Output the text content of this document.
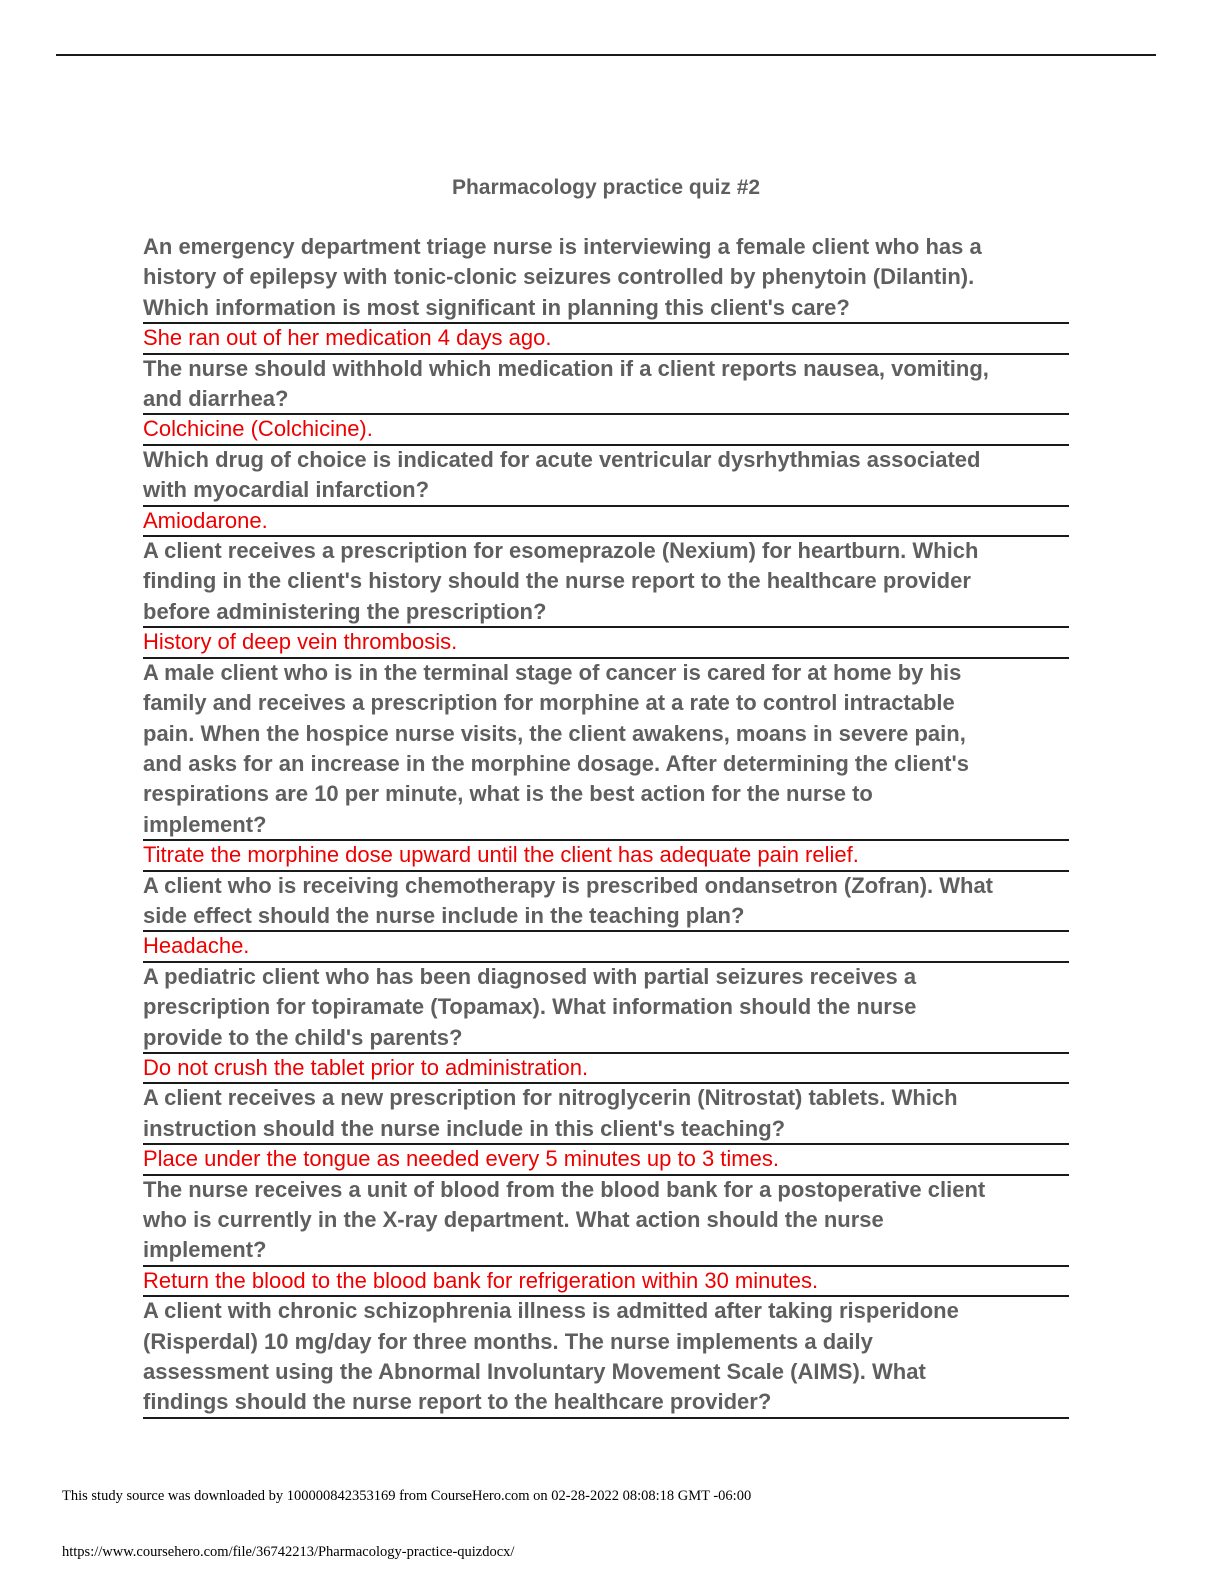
Pharmacology practice quiz #2
An emergency department triage nurse is interviewing a female client who has a
history of epilepsy with tonic-clonic seizures controlled by phenytoin (Dilantin).
Which information is most significant in planning this client's care?
She ran out of her medication 4 days ago.
The nurse should withhold which medication if a client reports nausea, vomiting,
and diarrhea?
Colchicine (Colchicine).
Which drug of choice is indicated for acute ventricular dysrhythmias associated
with myocardial infarction?
Amiodarone.
A client receives a prescription for esomeprazole (Nexium) for heartburn. Which
finding in the client's history should the nurse report to the healthcare provider
before administering the prescription?
History of deep vein thrombosis.
A male client who is in the terminal stage of cancer is cared for at home by his
family and receives a prescription for morphine at a rate to control intractable
pain. When the hospice nurse visits, the client awakens, moans in severe pain,
and asks for an increase in the morphine dosage. After determining the client's
respirations are 10 per minute, what is the best action for the nurse to
implement?
Titrate the morphine dose upward until the client has adequate pain relief.
A client who is receiving chemotherapy is prescribed ondansetron (Zofran). What
side effect should the nurse include in the teaching plan?
Headache.
A pediatric client who has been diagnosed with partial seizures receives a
prescription for topiramate (Topamax). What information should the nurse
provide to the child's parents?
Do not crush the tablet prior to administration.
A client receives a new prescription for nitroglycerin (Nitrostat) tablets. Which
instruction should the nurse include in this client's teaching?
Place under the tongue as needed every 5 minutes up to 3 times.
The nurse receives a unit of blood from the blood bank for a postoperative client
who is currently in the X-ray department. What action should the nurse
implement?
Return the blood to the blood bank for refrigeration within 30 minutes.
A client with chronic schizophrenia illness is admitted after taking risperidone
(Risperdal) 10 mg/day for three months. The nurse implements a daily
assessment using the Abnormal Involuntary Movement Scale (AIMS). What
findings should the nurse report to the healthcare provider?
This study source was downloaded by 100000842353169 from CourseHero.com on 02-28-2022 08:08:18 GMT -06:00
https://www.coursehero.com/file/36742213/Pharmacology-practice-quizdocx/
